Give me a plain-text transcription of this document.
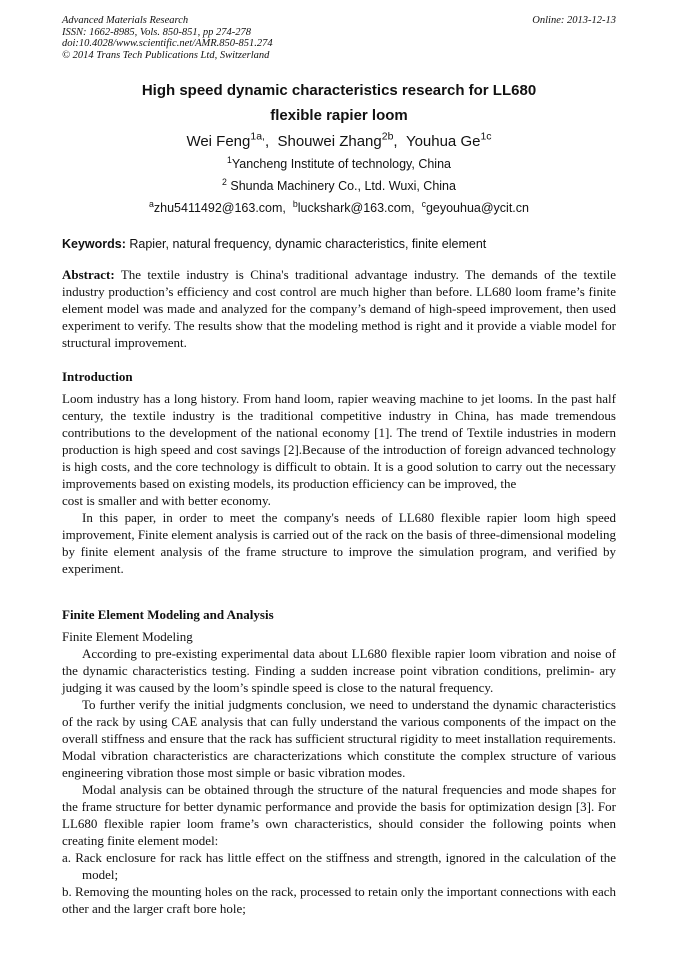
Advanced Materials Research
ISSN: 1662-8985, Vols. 850-851, pp 274-278
doi:10.4028/www.scientific.net/AMR.850-851.274
© 2014 Trans Tech Publications Ltd, Switzerland
Online: 2013-12-13
High speed dynamic characteristics research for LL680
flexible rapier loom
Wei Feng$^{1a,}$,  Shouwei Zhang$^{2b}$,  Youhua $Ge^{1c}$
$^1$Yancheng Institute of technology, China
$^2$ Shunda Machinery Co., Ltd. Wuxi, China
$^a$zhu5411492@163.com, $^b$luckshark@163.com, $^c$geyouhua@ycit.cn

Keywords: Rapier, natural frequency, dynamic characteristics, finite element

Abstract: The textile industry is China's traditional advantage industry. The demands of the textile industry production’s efficiency and cost control are much higher than before. LL680 loom frame’s finite element model was made and analyzed for the company’s demand of high-speed improvement, then used experiment to verify. The results show that the modeling method is right and it provide a viable model for structural improvement.

Introduction

Loom industry has a long history. From hand loom, rapier weaving machine to jet looms. In the past half century, the textile industry is the traditional competitive industry in China, has made tremendous contributions to the development of the national economy [1]. The trend of Textile industries in modern production is high speed and cost savings [2].Because of the introduction of foreign advanced technology is high costs, and the core technology is difficult to obtain. It is a good solution to carry out the necessary improvements based on existing models, its production efficiency can be improved, the

cost is smaller and with better economy.

In this paper, in order to meet the company's needs of LL680 flexible rapier loom high speed improvement, Finite element analysis is carried out of the rack on the basis of three-dimensional modeling by finite element analysis of the frame structure to improve the simulation program, and verified by experiment.

Finite Element Modeling and Analysis

Finite Element Modeling

According to pre-existing experimental data about LL680 flexible rapier loom vibration and noise of the dynamic characteristics testing. Finding a sudden increase point vibration conditions, prelimin- ary judging it was caused by the loom’s spindle speed is close to the natural frequency.

To further verify the initial judgments conclusion, we need to understand the dynamic characteristics of the rack by using CAE analysis that can fully understand the various components of the impact on the overall stiffness and ensure that the rack has sufficient structural rigidity to meet installation requirements. Modal vibration characteristics are characterizations which constitute the complex structure of various engineering vibration those most simple or basic vibration modes.

Modal analysis can be obtained through the structure of the natural frequencies and mode shapes for the frame structure for better dynamic performance and provide the basis for optimization design [3]. For LL680 flexible rapier loom frame’s own characteristics, should consider the following points when creating finite element model:

a. Rack enclosure for rack has little effect on the stiffness and strength, ignored in the calculation of the model;

b. Removing the mounting holes on the rack, processed to retain only the important connections with each other and the larger craft bore hole;
